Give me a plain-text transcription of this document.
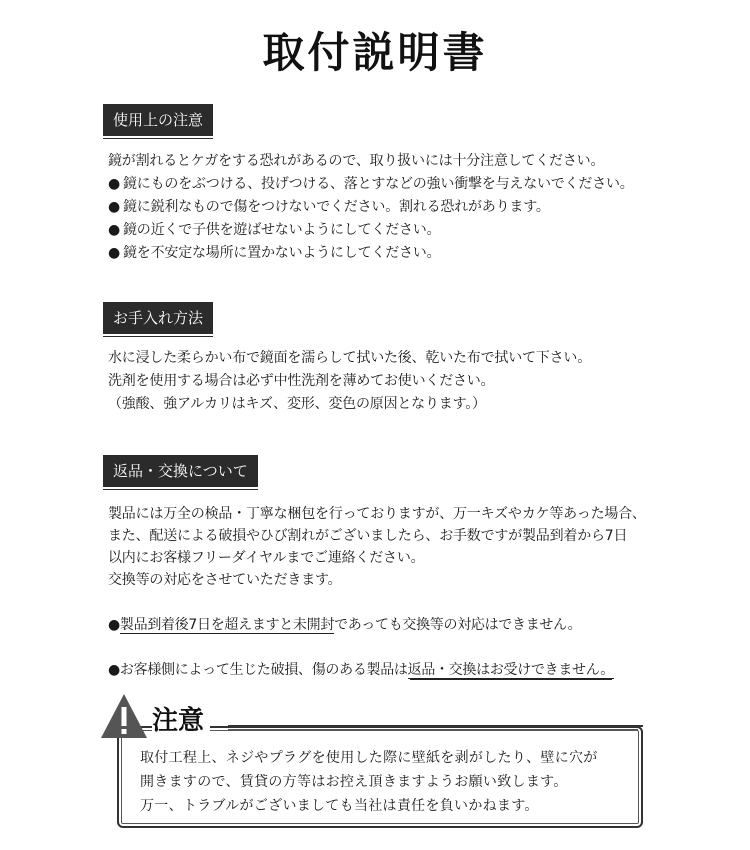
取付説明書
使用上の注意
鏡が割れるとケガをする恐れがあるので、取り扱いには十分注意してください。
● 鏡にものをぶつける、投げつける、落とすなどの強い衝撃を与えないでください。
● 鏡に鋭利なもので傷をつけないでください。割れる恐れがあります。
● 鏡の近くで子供を遊ばせないようにしてください。
● 鏡を不安定な場所に置かないようにしてください。
お手入れ方法
水に浸した柔らかい布で鏡面を濡らして拭いた後、乾いた布で拭いて下さい。
洗剤を使用する場合は必ず中性洗剤を薄めてお使いください。
（強酸、強アルカリはキズ、変形、変色の原因となります。）
返品・交換について
製品には万全の検品・丁寧な梱包を行っておりますが、万一キズやカケ等あった場合、
また、配送による破損やひび割れがございましたら、お手数ですが製品到着から7日
以内にお客様フリーダイヤルまでご連絡ください。
交換等の対応をさせていただきます。
●製品到着後7日を超えますと未開封であっても交換等の対応はできません。
●お客様側によって生じた破損、傷のある製品は返品・交換はお受けできません。
注意
取付工程上、ネジやプラグを使用した際に壁紙を剥がしたり、壁に穴が
開きますので、賃貸の方等はお控え頂きますようお願い致します。
万一、トラブルがございましても当社は責任を負いかねます。
